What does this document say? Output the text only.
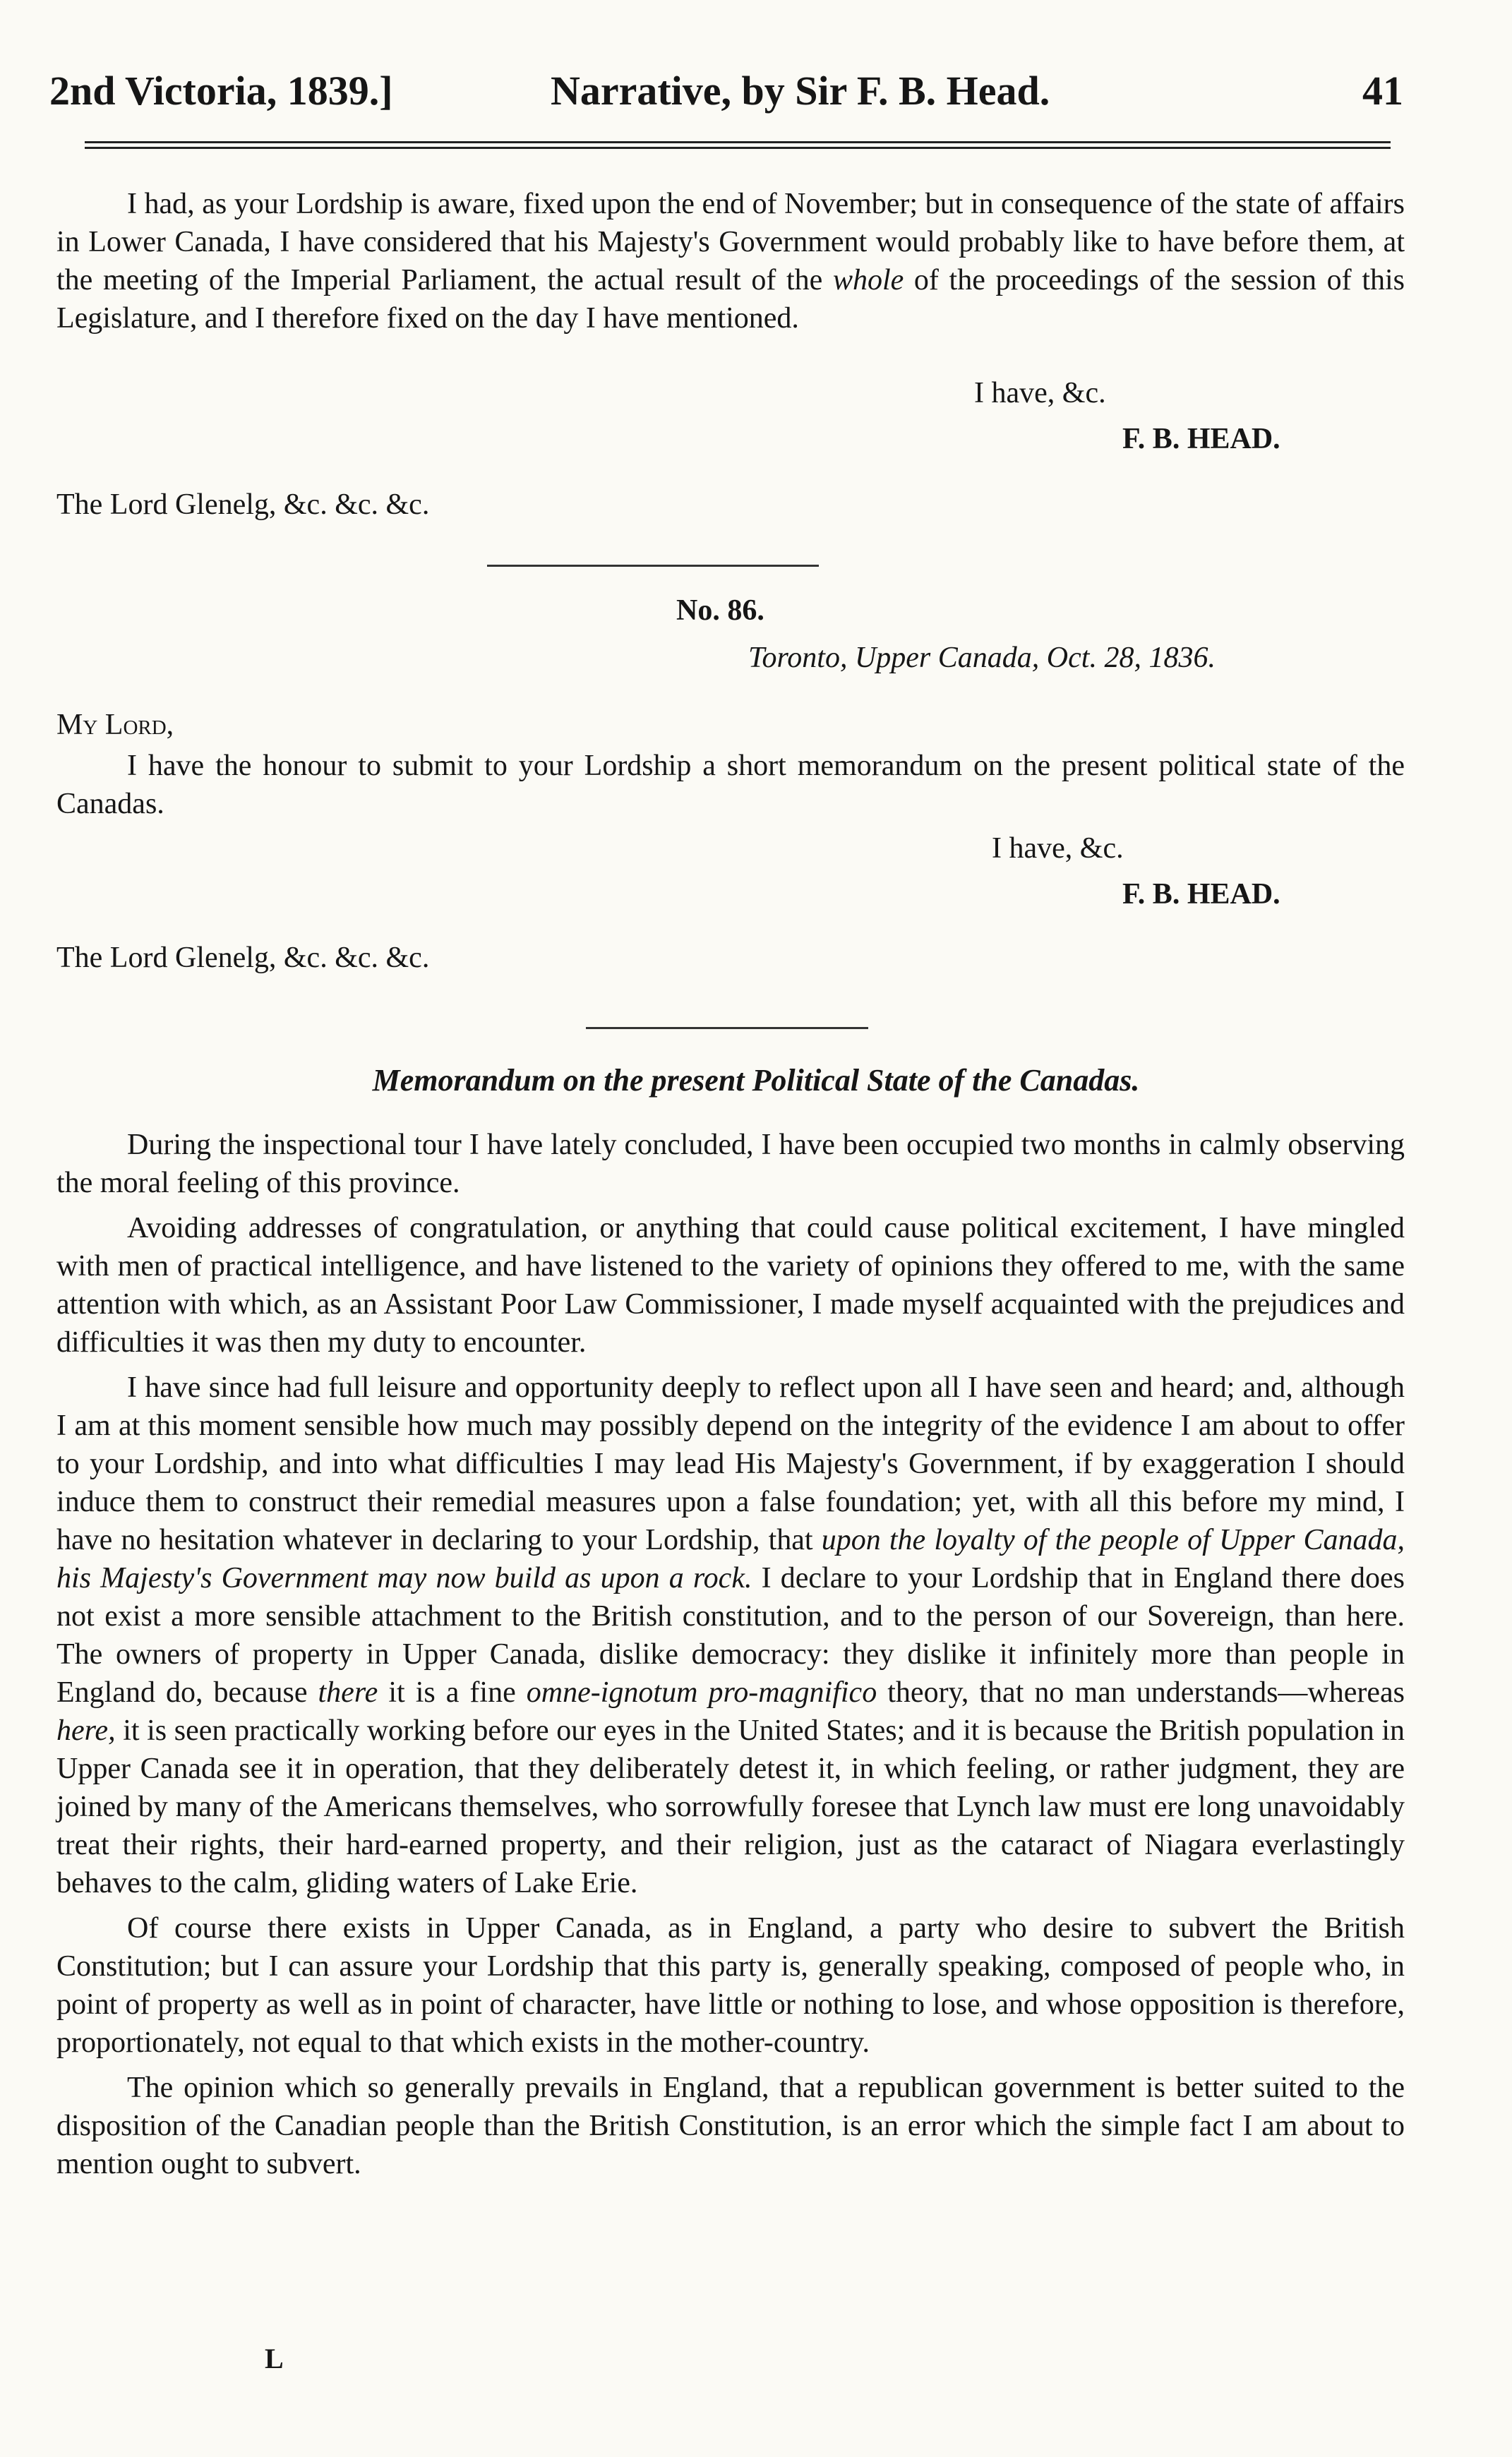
2nd Victoria, 1839.]	Narrative, by Sir F. B. Head.	41

I had, as your Lordship is aware, fixed upon the end of November; but in consequence of the state of affairs in Lower Canada, I have considered that his Majesty's Government would probably like to have before them, at the meeting of the Imperial Parliament, the actual result of the whole of the proceedings of the session of this Legislature, and I therefore fixed on the day I have mentioned.

I have, &c.
F. B. HEAD.
The Lord Glenelg, &c. &c. &c.
No. 86.
Toronto, Upper Canada, Oct. 28, 1836.
My Lord,

I have the honour to submit to your Lordship a short memorandum on the present political state of the Canadas.

I have, &c.
F. B. HEAD.
The Lord Glenelg, &c. &c. &c.
Memorandum on the present Political State of the Canadas.

During the inspectional tour I have lately concluded, I have been occupied two months in calmly observing the moral feeling of this province.

Avoiding addresses of congratulation, or anything that could cause political excitement, I have mingled with men of practical intelligence, and have listened to the variety of opinions they offered to me, with the same attention with which, as an Assistant Poor Law Commissioner, I made myself acquainted with the prejudices and difficulties it was then my duty to encounter.

I have since had full leisure and opportunity deeply to reflect upon all I have seen and heard; and, although I am at this moment sensible how much may possibly depend on the integrity of the evidence I am about to offer to your Lordship, and into what difficulties I may lead His Majesty's Government, if by exaggeration I should induce them to construct their remedial measures upon a false foundation; yet, with all this before my mind, I have no hesitation whatever in declaring to your Lordship, that upon the loyalty of the people of Upper Canada, his Majesty's Government may now build as upon a rock. I declare to your Lordship that in England there does not exist a more sensible attachment to the British constitution, and to the person of our Sovereign, than here. The owners of property in Upper Canada, dislike democracy: they dislike it infinitely more than people in England do, because there it is a fine omne-ignotum pro-magnifico theory, that no man understands—whereas here, it is seen practically working before our eyes in the United States; and it is because the British population in Upper Canada see it in operation, that they deliberately detest it, in which feeling, or rather judgment, they are joined by many of the Americans themselves, who sorrowfully foresee that Lynch law must ere long unavoidably treat their rights, their hard-earned property, and their religion, just as the cataract of Niagara everlastingly behaves to the calm, gliding waters of Lake Erie.

Of course there exists in Upper Canada, as in England, a party who desire to subvert the British Constitution; but I can assure your Lordship that this party is, generally speaking, composed of people who, in point of property as well as in point of character, have little or nothing to lose, and whose opposition is therefore, proportionately, not equal to that which exists in the mother-country.

The opinion which so generally prevails in England, that a republican government is better suited to the disposition of the Canadian people than the British Constitution, is an error which the simple fact I am about to mention ought to subvert.

L
